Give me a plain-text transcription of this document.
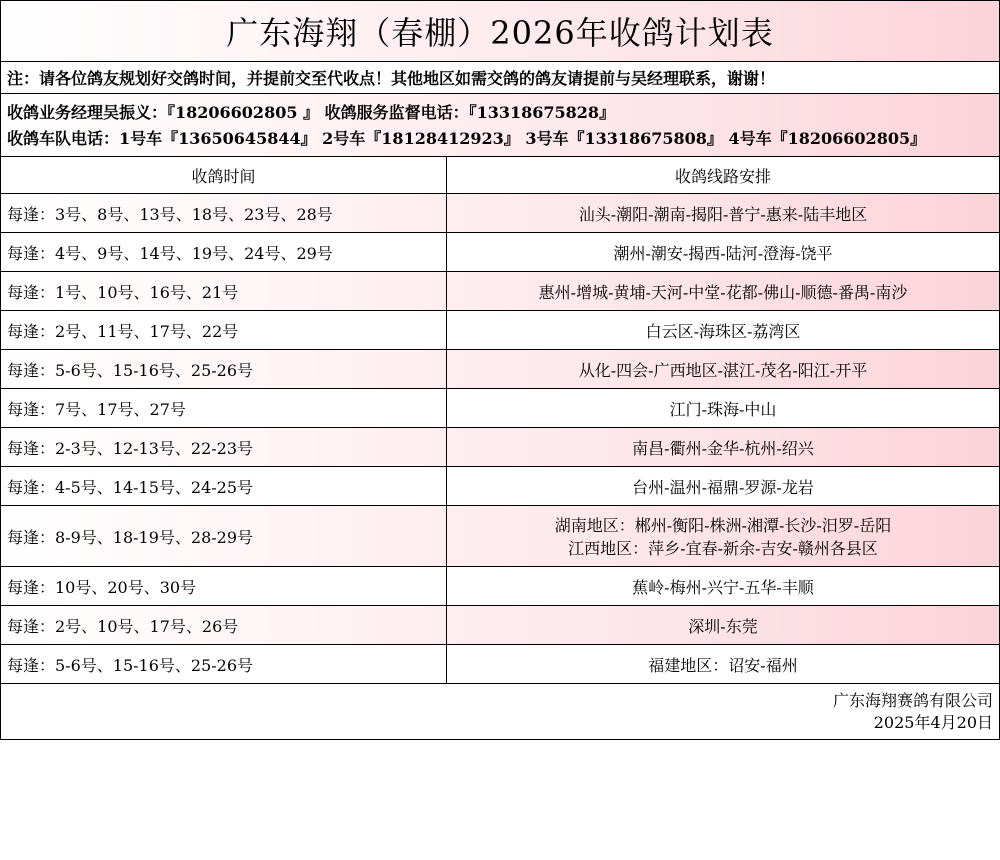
广东海翔（春棚）2026年收鸽计划表
注：请各位鸽友规划好交鸽时间，并提前交至代收点！其他地区如需交鸽的鸽友请提前与吴经理联系，谢谢！
收鸽业务经理吴振义：『18206602805 』 收鸽服务监督电话：『13318675828』
收鸽车队电话：1号车『13650645844』 2号车『18128412923』 3号车『13318675808』 4号车『18206602805』
收鸽时间	收鸽线路安排
每逢：3号、8号、13号、18号、23号、28号	汕头-潮阳-潮南-揭阳-普宁-惠来-陆丰地区

每逢：4号、9号、14号、19号、24号、29号	潮州-潮安-揭西-陆河-澄海-饶平

每逢：1号、10号、16号、21号	惠州-增城-黄埔-天河-中堂-花都-佛山-顺德-番禺-南沙

每逢：2号、11号、17号、22号	白云区-海珠区-荔湾区

每逢：5-6号、15-16号、25-26号	从化-四会-广西地区-湛江-茂名-阳江-开平

每逢：7号、17号、27号	江门-珠海-中山

每逢：2-3号、12-13号、22-23号	南昌-衢州-金华-杭州-绍兴

每逢：4-5号、14-15号、24-25号	台州-温州-福鼎-罗源-龙岩

每逢：8-9号、18-19号、28-29号	湖南地区：郴州-衡阳-株洲-湘潭-长沙-汨罗-岳阳
江西地区：萍乡-宜春-新余-吉安-赣州各县区

每逢：10号、20号、30号	蕉岭-梅州-兴宁-五华-丰顺

每逢：2号、10号、17号、26号	深圳-东莞

每逢：5-6号、15-16号、25-26号	福建地区：诏安-福州
广东海翔赛鸽有限公司
2025年4月20日
